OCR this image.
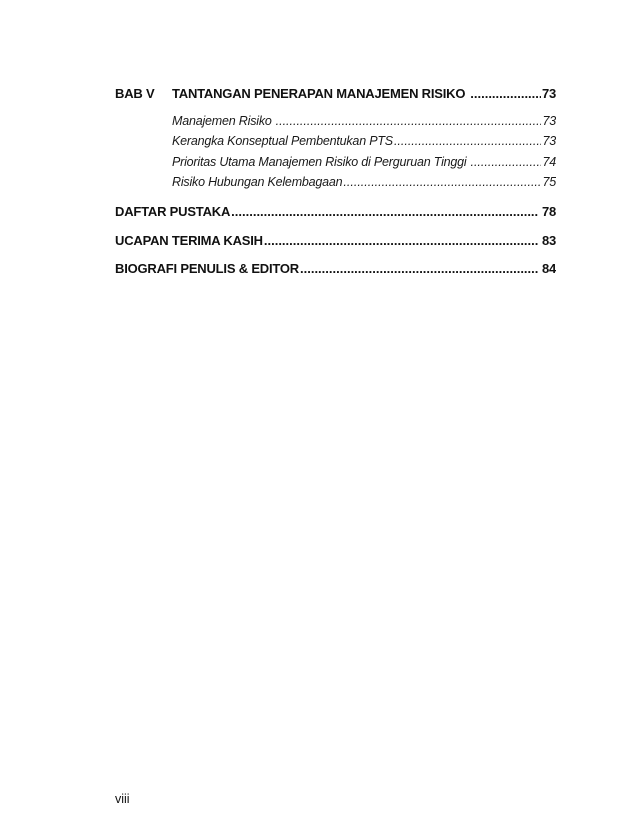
BAB V TANTANGAN PENERAPAN MANAJEMEN RISIKO .....	73
Manajemen Risiko .....	73
Kerangka Konseptual Pembentukan PTS .....	73
Prioritas Utama Manajemen Risiko di Perguruan Tinggi .....	74
Risiko Hubungan Kelembagaan .....	75
DAFTAR PUSTAKA .....	78
UCAPAN TERIMA KASIH .....	83
BIOGRAFI PENULIS & EDITOR .....	84
viii
